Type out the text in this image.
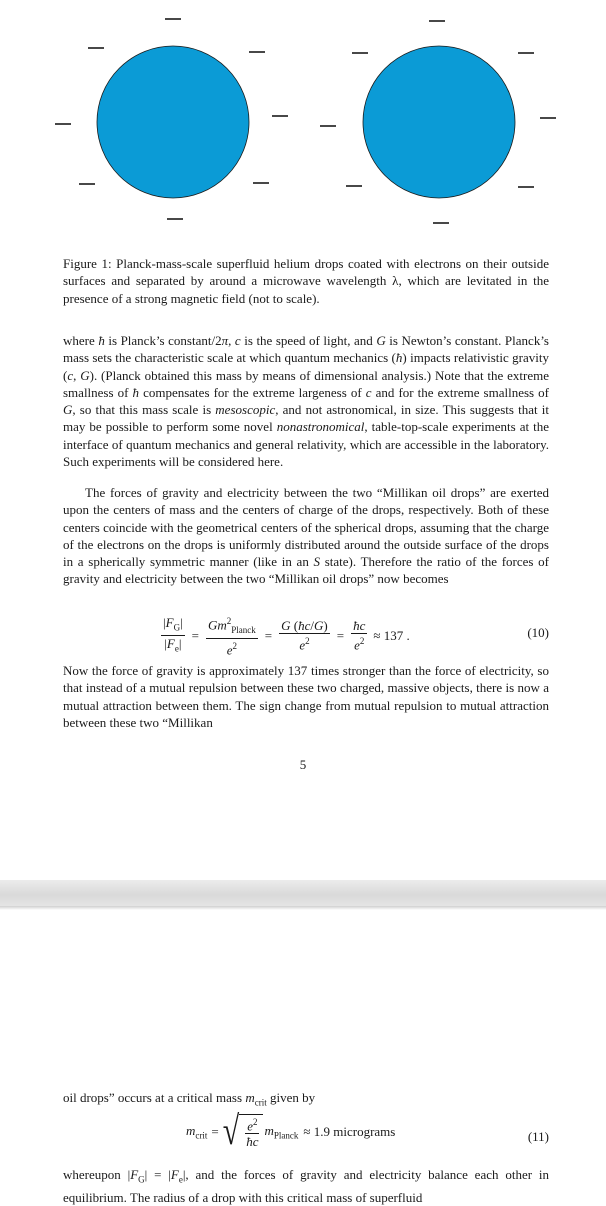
Figure 1: Planck-mass-scale superfluid helium drops coated with electrons on their outside surfaces and separated by around a microwave wavelength λ, which are levitated in the presence of a strong magnetic field (not to scale).
where ħ is Planck’s constant/2π, c is the speed of light, and G is Newton’s constant. Planck’s mass sets the characteristic scale at which quantum mechanics (ħ) impacts relativistic gravity (c, G). (Planck obtained this mass by means of dimensional analysis.) Note that the extreme smallness of ħ compensates for the extreme largeness of c and for the extreme smallness of G, so that this mass scale is mesoscopic, and not astronomical, in size. This suggests that it may be possible to perform some novel nonastronomical, table-top-scale experiments at the interface of quantum mechanics and general relativity, which are accessible in the laboratory. Such experiments will be considered here.
The forces of gravity and electricity between the two “Millikan oil drops” are exerted upon the centers of mass and the centers of charge of the drops, respectively. Both of these centers coincide with the geometrical centers of the spherical drops, assuming that the charge of the electrons on the drops is uniformly distributed around the outside surface of the drops in a spherically symmetric manner (like in an S state). Therefore the ratio of the forces of gravity and electricity between the two “Millikan oil drops” now becomes
$\frac{|F_G|}{|F_e|} = \frac{Gm^2_{Planck}}{e^2} = \frac{G (ħc/G)}{e^2} = \frac{ħc}{e^2} \approx 137$ .	(10)
Now the force of gravity is approximately 137 times stronger than the force of electricity, so that instead of a mutual repulsion between these two charged, massive objects, there is now a mutual attraction between them. The sign change from mutual repulsion to mutual attraction between these two “Millikan
5
oil drops” occurs at a critical mass $m_{crit}$ given by
$m_{crit}$ = √ $\frac{e^2}{ħc} m_{Planck} \approx 1.9$ micrograms	(11)
whereupon $|F_G| = |F_e|$, and the forces of gravity and electricity balance each other in equilibrium. The radius of a drop with this critical mass of superfluid
